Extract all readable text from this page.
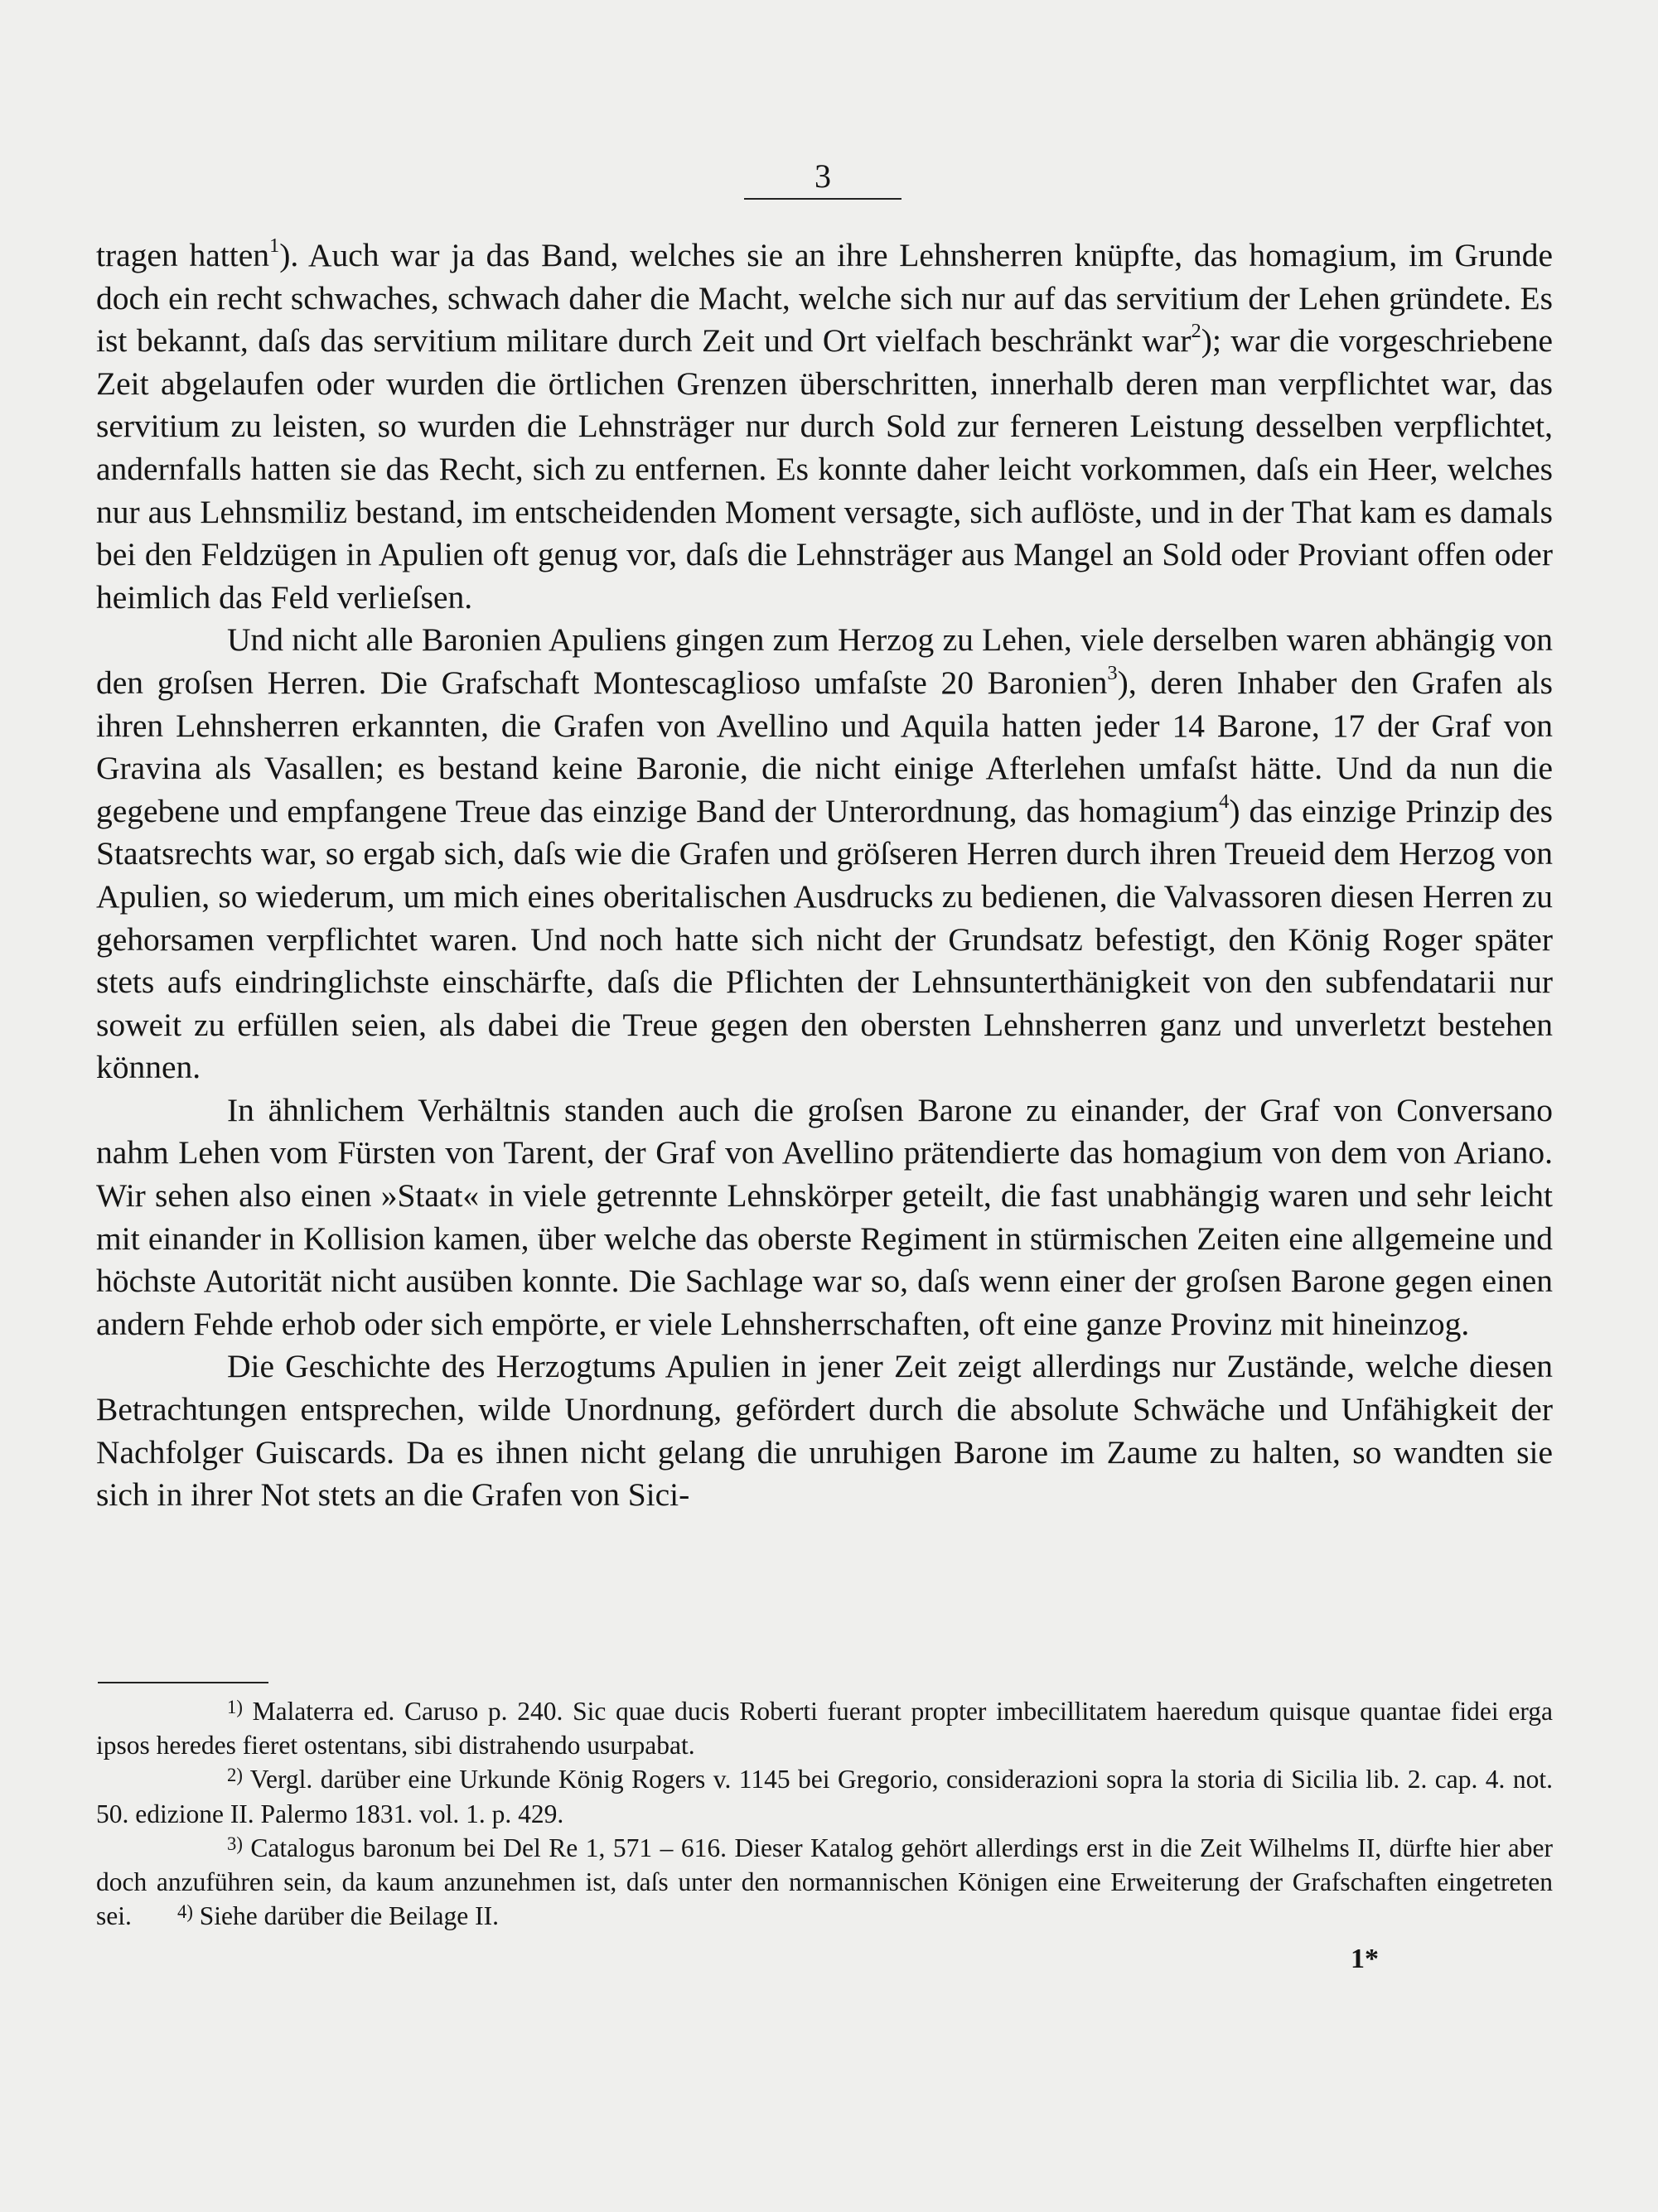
3

tragen hatten$^1$). Auch war ja das Band, welches sie an ihre Lehnsherren knüpfte, das homagium, im Grunde doch ein recht schwaches, schwach daher die Macht, welche sich nur auf das servitium der Lehen gründete. Es ist bekannt, daſs das servitium militare durch Zeit und Ort vielfach beschränkt war$^2$); war die vorgeschriebene Zeit abgelaufen oder wurden die örtlichen Grenzen überschritten, innerhalb deren man verpflichtet war, das servitium zu leisten, so wurden die Lehnsträger nur durch Sold zur ferneren Leistung desselben verpflichtet, andernfalls hatten sie das Recht, sich zu entfernen. Es konnte daher leicht vorkommen, daſs ein Heer, welches nur aus Lehnsmiliz bestand, im entscheidenden Moment versagte, sich auflöste, und in der That kam es damals bei den Feldzügen in Apulien oft genug vor, daſs die Lehnsträger aus Mangel an Sold oder Proviant offen oder heimlich das Feld verlieſsen.

Und nicht alle Baronien Apuliens gingen zum Herzog zu Lehen, viele derselben waren abhängig von den groſsen Herren. Die Grafschaft Montescaglioso umfaſste 20 Baronien$^3$), deren Inhaber den Grafen als ihren Lehnsherren erkannten, die Grafen von Avellino und Aquila hatten jeder 14 Barone, 17 der Graf von Gravina als Vasallen; es bestand keine Baronie, die nicht einige Afterlehen umfaſst hätte. Und da nun die gegebene und empfangene Treue das einzige Band der Unterordnung, das homagium$^4$) das einzige Prinzip des Staatsrechts war, so ergab sich, daſs wie die Grafen und gröſseren Herren durch ihren Treueid dem Herzog von Apulien, so wiederum, um mich eines oberitalischen Ausdrucks zu bedienen, die Valvassoren diesen Herren zu gehorsamen verpflichtet waren. Und noch hatte sich nicht der Grundsatz befestigt, den König Roger später stets aufs eindringlichste einschärfte, daſs die Pflichten der Lehnsunterthänigkeit von den subfendatarii nur soweit zu erfüllen seien, als dabei die Treue gegen den obersten Lehnsherren ganz und unverletzt bestehen können.

In ähnlichem Verhältnis standen auch die groſsen Barone zu einander, der Graf von Conversano nahm Lehen vom Fürsten von Tarent, der Graf von Avellino prätendierte das homagium von dem von Ariano. Wir sehen also einen »Staat« in viele getrennte Lehnskörper geteilt, die fast unabhängig waren und sehr leicht mit einander in Kollision kamen, über welche das oberste Regiment in stürmischen Zeiten eine allgemeine und höchste Autorität nicht ausüben konnte. Die Sachlage war so, daſs wenn einer der groſsen Barone gegen einen andern Fehde erhob oder sich empörte, er viele Lehnsherrschaften, oft eine ganze Provinz mit hineinzog.

Die Geschichte des Herzogtums Apulien in jener Zeit zeigt allerdings nur Zustände, welche diesen Betrachtungen entsprechen, wilde Unordnung, gefördert durch die absolute Schwäche und Unfähigkeit der Nachfolger Guiscards. Da es ihnen nicht gelang die unruhigen Barone im Zaume zu halten, so wandten sie sich in ihrer Not stets an die Grafen von Sici-

$^{1)}$ Malaterra ed. Caruso p. 240. Sic quae ducis Roberti fuerant propter imbecillitatem haeredum quisque quantae fidei erga ipsos heredes fieret ostentans, sibi distrahendo usurpabat.

$^{2)}$ Vergl. darüber eine Urkunde König Rogers v. 1145 bei Gregorio, considerazioni sopra la storia di Sicilia lib. 2. cap. 4. not. 50. edizione II. Palermo 1831. vol. 1. p. 429.

$^{3)}$ Catalogus baronum bei Del Re 1, 571 – 616. Dieser Katalog gehört allerdings erst in die Zeit Wilhelms II, dürfte hier aber doch anzuführen sein, da kaum anzunehmen ist, daſs unter den normannischen Königen eine Erweiterung der Grafschaften eingetreten sei. $^{4)}$ Siehe darüber die Beilage II.

1*
